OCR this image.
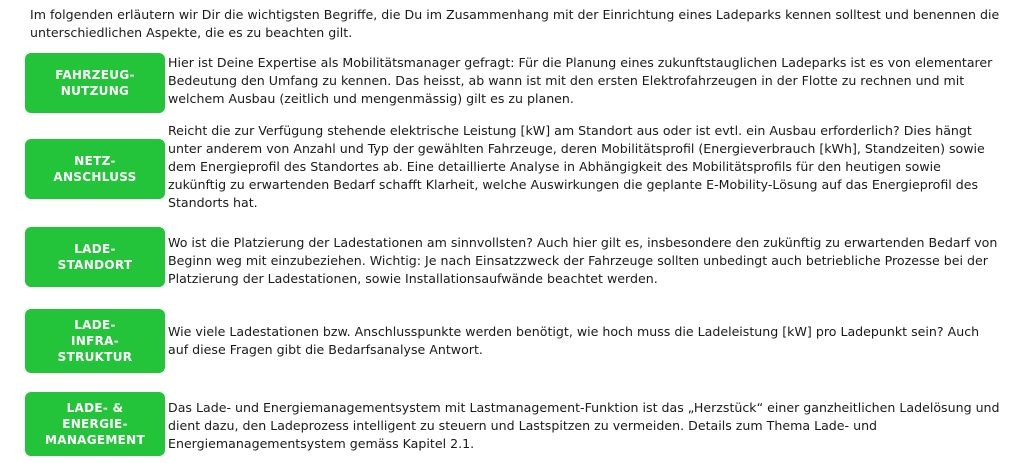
Im folgenden erläutern wir Dir die wichtigsten Begriffe, die Du im Zusammenhang mit der Einrichtung eines Ladeparks kennen solltest und benennen die unterschiedlichen Aspekte, die es zu beachten gilt.
FAHRZEUG-
NUTZUNG
Hier ist Deine Expertise als Mobilitätsmanager gefragt: Für die Planung eines zukunftstauglichen Ladeparks ist es von elementarer Bedeutung den Umfang zu kennen. Das heisst, ab wann ist mit den ersten Elektrofahrzeugen in der Flotte zu rechnen und mit welchem Ausbau (zeitlich und mengenmässig) gilt es zu planen.
NETZ-
ANSCHLUSS
Reicht die zur Verfügung stehende elektrische Leistung [kW] am Standort aus oder ist evtl. ein Ausbau erforderlich? Dies hängt unter anderem von Anzahl und Typ der gewählten Fahrzeuge, deren Mobilitätsprofil (Energieverbrauch [kWh], Standzeiten) sowie dem Energieprofil des Standortes ab. Eine detaillierte Analyse in Abhängigkeit des Mobilitätsprofils für den heutigen sowie zukünftig zu erwartenden Bedarf schafft Klarheit, welche Auswirkungen die geplante E-Mobility-Lösung auf das Energieprofil des Standorts hat.
LADE-
STANDORT
Wo ist die Platzierung der Ladestationen am sinnvollsten? Auch hier gilt es, insbesondere den zukünftig zu erwartenden Bedarf von Beginn weg mit einzubeziehen. Wichtig: Je nach Einsatzzweck der Fahrzeuge sollten unbedingt auch betriebliche Prozesse bei der Platzierung der Ladestationen, sowie Installationsaufwände beachtet werden.
LADE-
INFRA-
STRUKTUR
Wie viele Ladestationen bzw. Anschlusspunkte werden benötigt, wie hoch muss die Ladeleistung [kW] pro Ladepunkt sein? Auch auf diese Fragen gibt die Bedarfsanalyse Antwort.
LADE- &
ENERGIE-
MANAGEMENT
Das Lade- und Energiemanagementsystem mit Lastmanagement-Funktion ist das „Herzstück“ einer ganzheitlichen Ladelösung und dient dazu, den Ladeprozess intelligent zu steuern und Lastspitzen zu vermeiden. Details zum Thema Lade- und Energiemanagementsystem gemäss Kapitel 2.1.
